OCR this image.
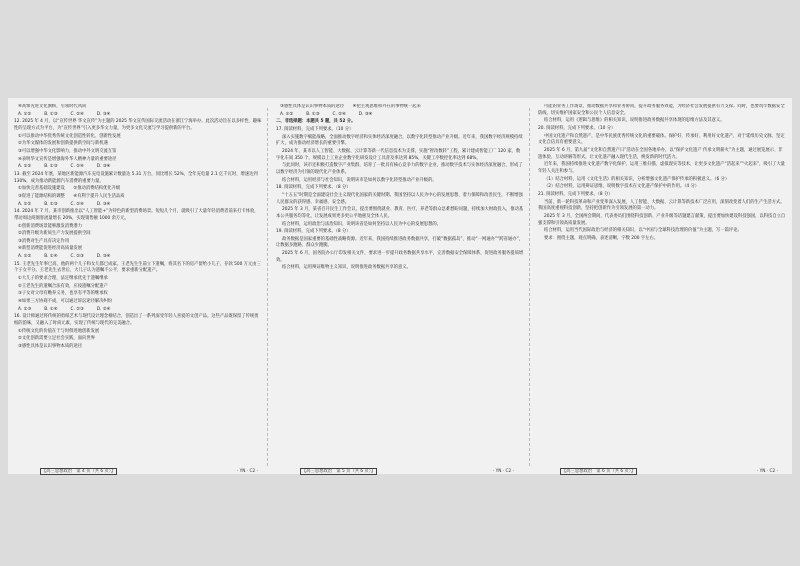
④高擎先进文化旗帜，引领时代风尚

A. ①②　　　B. ①③　　　C. ②④　　　D. ③④

12. 2025 年 4 月，以“宣传世界 华文宣传”为主题的 2025 华文宣传国际交流活动在浙江宁海举办。此次活动旨在以多样性、趣味性的呈现方式为平台，为“宣传世界”引入更多华文力量，为更多文化交流与学习提供新的平台。

①可以推动中华优秀传统文化创造性转化、创新性发展

②为华文媒体的发展和创新提供新空间与新机遇

③可以增强中华文化影响力，推动中外文明交流互鉴

④表明华文宣传是增强海外华人精神力量的重要途径

A. ①②　　　B. ①③　　　C. ②④　　　D. ③④

13. 截至 2024 年底，某地区新能源汽车充电设施累计数量达 5.31 万台，同比增长 52%，全年充电量 2.1 亿千瓦时，增速达到 130%，成为推动新能源汽车消费的重要力量。

①加快完善基础设施建设　　②推动消费结构优化升级

③促进了能源结构的调整　　④有利于提升人民生活品质

A. ①②　　　B. ①③　　　C. ②④　　　D. ③④

14. 2024 年 7 月，某市创新推出以“人工智能+”为特色的新型消费场景。短短几个月，就吸引了大量年轻消费者前来打卡体验，带动周边商圈客流量增长 20%，实现销售额 1000 余万元。

①创新消费场景能够激发消费潜力

②消费升级为新质生产力发展提供空间

③消费对生产具有决定作用

④新型消费能促进经济高质量发展

A. ①②　　　B. ①④　　　C. ②③　　　D. ③④

15. 王老先生年事已高，他的两个儿子和女儿都已成家。王老先生生前立下遗嘱，将其名下的房产留给小儿子，存款 500 万元由三个子女平分。王老先生去世后，大儿子认为遗嘱不公平，要求重新分配遗产。

①大儿子的要求合理，法定继承优先于遗嘱继承

②王老先生的遗嘱合法有效，应按遗嘱分配遗产

③子女对父母有赡养义务，也享有平等的继承权

④如果三方协商不成，可以通过诉讼途径解决纠纷

A. ①③　　　B. ①④　　　C. ②③　　　D. ②④

16. 设计师通过将传统的剪纸艺术与现代设计理念相结合，创造出了一系列深受年轻人喜爱的文创产品。这些产品既保留了传统剪纸的韵味，又融入了时尚元素，实现了传统与现代的完美融合。

①传统文化的价值在于与时俱进地创新发展

②文化创新需要立足社会实践，面向世界

③感性具体是认识事物本质的途径

③感性具体是认识事物本质的途径　　④把主观思维和外在的事物统一起来

A. ①②　　　B. ①③　　　C. ②④　　　D. ③④

二、非选择题：本题共 5 题，共 52 分。

17. 阅读材料，完成下列要求。（10 分）

深入实施数字赋能战略，全面推动数字经济和实体经济深度融合，以数字化转型推动产业升级。近年来，我国数字经济规模持续扩大，成为推动经济增长的重要引擎。

2024 年，某市以人工智能、大数据、云计算等新一代信息技术为支撑，实施“智改数转”工程，累计建成智能工厂 120 家、数字化车间 350 个，规模以上工业企业数字化研发设计工具普及率达到 85%，关键工序数控化率达到 68%。

与此同时，该市还积极打造数字产业集群，培育了一批具有核心竞争力的数字企业，推动数字技术与实体经济深度融合，形成了以数字经济为引领的现代化产业体系。

结合材料，运用经济与社会知识，说明该市是如何以数字化转型推动产业升级的。

18. 阅读材料，完成下列要求。（8 分）

“十五五”时期是全面建设社会主义现代化国家的关键时期。我国坚持以人民为中心的发展思想，着力保障和改善民生，不断增强人民群众的获得感、幸福感、安全感。

2025 年 3 月，某省召开民生工作会议，提出要围绕就业、教育、医疗、养老等群众急难愁盼问题，持续加大财政投入，推动基本公共服务均等化，让发展成果更多更公平地惠及全体人民。

结合材料，运用政治与法治知识，说明该省是如何坚持以人民为中心的发展思想的。

19. 阅读材料，完成下列要求。（8 分）

政务数据是国家重要的基础性战略资源。近年来，我国持续推进政务数据共享，打破“数据孤岛”，推动“一网通办”“跨省通办”，让数据多跑路、群众少跑腿。

2025 年 6 月，国务院办公厅印发相关文件，要求进一步提升政务数据共享水平，完善数据安全保障体系，促进政务服务提质增效。

结合材料，运用辩证唯物主义知识，说明推进政务数据共享的意义。

可能的业务工作场景，推动数据共享和业务协同，提升政务服务效能，为经济社会发展提供有力支撑。同时，也要筑牢数据安全防线，切实维护国家安全和公民个人信息安全。

结合材料，运用《逻辑与思维》的相关知识，说明推进政务数据共享体现的思维方法及其意义。

20. 阅读材料，完成下列要求。（10 分）

中国文化遗产和自然遗产，是中华民族优秀传统文化的重要载体。保护好、传承好、利用好文化遗产，对于延续历史文脉、坚定文化自信具有重要意义。

2025 年 6 月，第九届“文化和自然遗产日”活动在全国各地举办，以“保护文化遗产 传承文明薪火”为主题，通过展览展示、非遗体验、互动讲解等形式，让文化遗产融入现代生活，焕发新的时代活力。

近年来，我国持续推进文化遗产数字化保护，运用三维扫描、虚拟现实等技术，让更多文化遗产“活起来”“火起来”，吸引了大量年轻人关注和参与。

（1）结合材料，运用《文化生活》的相关知识，分析增强文化遗产保护传承的积极意义。（6 分）

（2）结合材料，运用辩证思维，说明数字技术在文化遗产保护中的作用。（4 分）

21. 阅读材料，完成下列要求。（8 分）

当前，新一轮科技革命和产业变革深入发展，人工智能、大数据、云计算等新技术广泛应用，深刻改变着人们的生产生活方式。我国高度重视科技创新，坚持把创新作为引领发展的第一动力。

2025 年 3 月，全国两会期间，代表委员们围绕科技创新、产业升级等话题建言献策，提出要加快建设科技强国，以科技自立自强支撑和引领高质量发展。

结合材料，运用当代国际政治与经济的相关知识，以“中国与全球科技治理的价值”为主题，写一篇评论。

要求：围绕主题，观点明确，表述清晰，字数 200 字左右。

【高三思想政治　第 4 页（共 6 页）】	· YN · C2 ·	【高三思想政治　第 5 页（共 6 页）】	· YN · C2 ·	【高三思想政治　第 6 页（共 6 页）】	· YN · C2 ·
